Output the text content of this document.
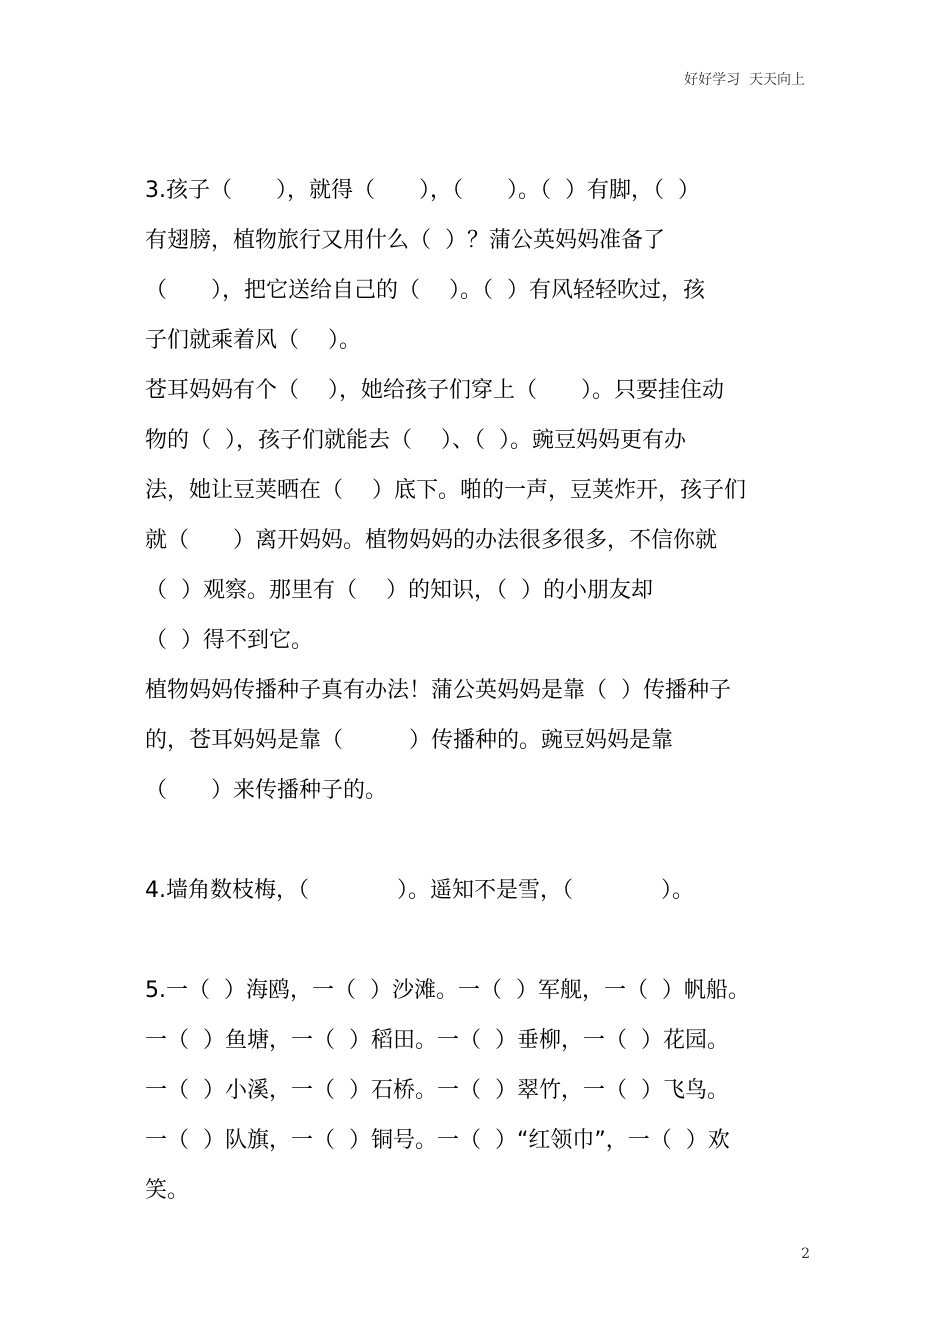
好好学习  天天向上
3.孩子（　　），就得（　　），（　　）。（  ）有脚，（  ）
有翅膀，植物旅行又用什么（  ）？蒲公英妈妈准备了
（　　），把它送给自己的（　 ）。（  ）有风轻轻吹过，孩
子们就乘着风（　 ）。
苍耳妈妈有个（　 ），她给孩子们穿上（　　）。只要挂住动
物的（  ），孩子们就能去（　 ）、（  ）。豌豆妈妈更有办
法，她让豆荚晒在（　 ）底下。啪的一声，豆荚炸开，孩子们
就（　　）离开妈妈。植物妈妈的办法很多很多，不信你就
（  ）观察。那里有（　 ）的知识，（  ）的小朋友却
（  ）得不到它。
植物妈妈传播种子真有办法！蒲公英妈妈是靠（  ）传播种子
的，苍耳妈妈是靠（　　　）传播种的。豌豆妈妈是靠
（　　）来传播种子的。
4.墙角数枝梅，（　　　　）。遥知不是雪，（　　　　）。
5.一（  ）海鸥，一（  ）沙滩。一（  ）军舰，一（  ）帆船。
一（  ）鱼塘，一（  ）稻田。一（  ）垂柳，一（  ）花园。
一（  ）小溪，一（  ）石桥。一（  ）翠竹，一（  ）飞鸟。
一（  ）队旗，一（  ）铜号。一（  ）“红领巾”，一（  ）欢
笑。
2
